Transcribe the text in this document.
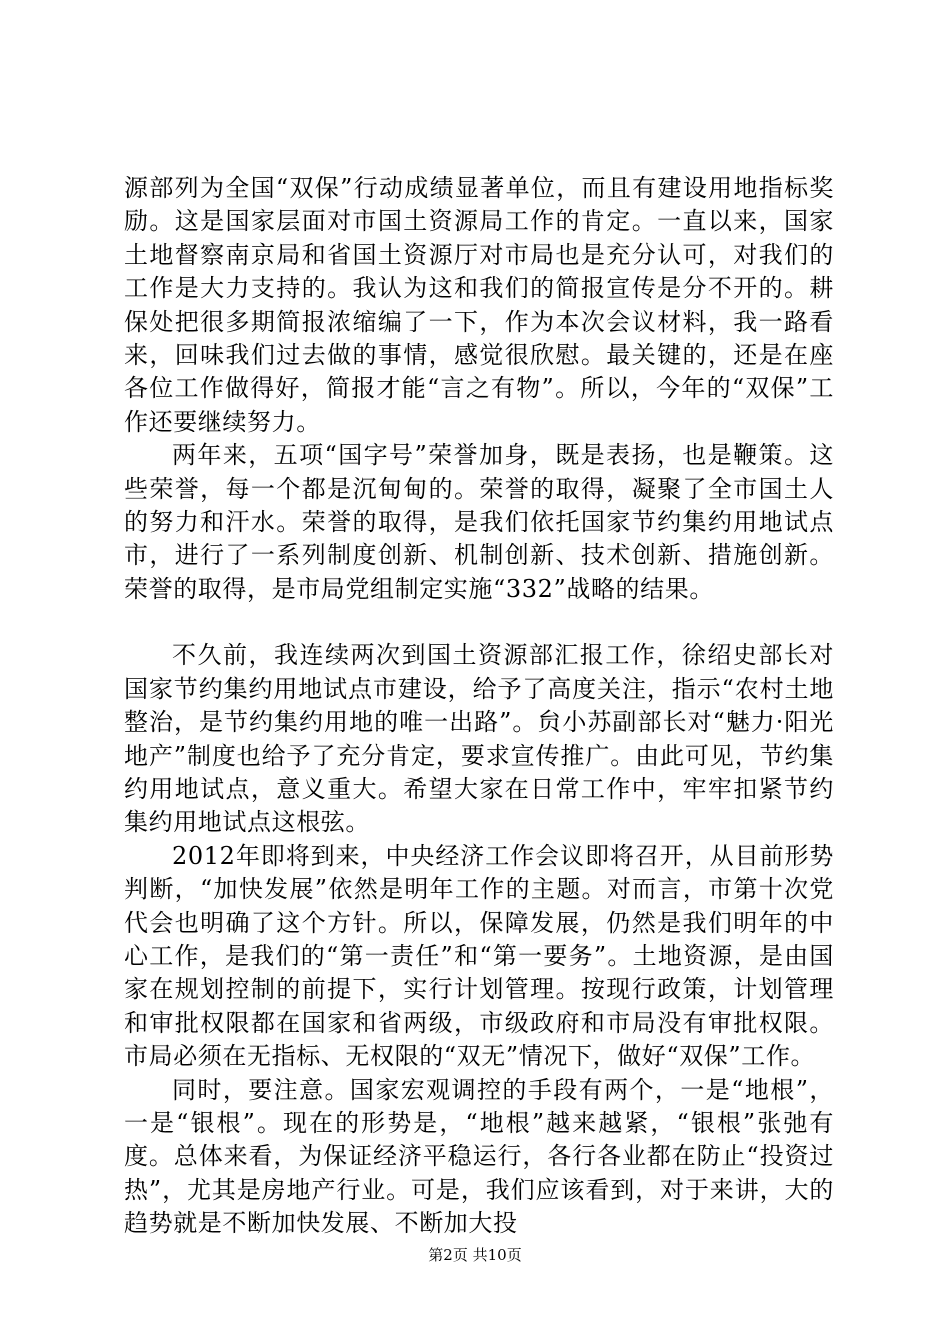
源部列为全国“双保”行动成绩显著单位，而且有建设用地指标奖励。这是国家层面对市国土资源局工作的肯定。一直以来，国家土地督察南京局和省国土资源厅对市局也是充分认可，对我们的工作是大力支持的。我认为这和我们的简报宣传是分不开的。耕保处把很多期简报浓缩编了一下，作为本次会议材料，我一路看来，回味我们过去做的事情，感觉很欣慰。最关键的，还是在座各位工作做得好，简报才能“言之有物”。所以，今年的“双保”工作还要继续努力。

两年来，五项“国字号”荣誉加身，既是表扬，也是鞭策。这些荣誉，每一个都是沉甸甸的。荣誉的取得，凝聚了全市国土人的努力和汗水。荣誉的取得，是我们依托国家节约集约用地试点市，进行了一系列制度创新、机制创新、技术创新、措施创新。荣誉的取得，是市局党组制定实施“332”战略的结果。

不久前，我连续两次到国土资源部汇报工作，徐绍史部长对国家节约集约用地试点市建设，给予了高度关注，指示“农村土地整治，是节约集约用地的唯一出路”。贠小苏副部长对“魅力·阳光地产”制度也给予了充分肯定，要求宣传推广。由此可见，节约集约用地试点，意义重大。希望大家在日常工作中，牢牢扣紧节约集约用地试点这根弦。

2012年即将到来，中央经济工作会议即将召开，从目前形势判断，“加快发展”依然是明年工作的主题。对而言，市第十次党代会也明确了这个方针。所以，保障发展，仍然是我们明年的中心工作，是我们的“第一责任”和“第一要务”。土地资源，是由国家在规划控制的前提下，实行计划管理。按现行政策，计划管理和审批权限都在国家和省两级，市级政府和市局没有审批权限。市局必须在无指标、无权限的“双无”情况下，做好“双保”工作。

同时，要注意。国家宏观调控的手段有两个，一是“地根”，一是“银根”。现在的形势是，“地根”越来越紧，“银根”张弛有度。总体来看，为保证经济平稳运行，各行各业都在防止“投资过热”，尤其是房地产行业。可是，我们应该看到，对于来讲，大的趋势就是不断加快发展、不断加大投

第2页 共10页
